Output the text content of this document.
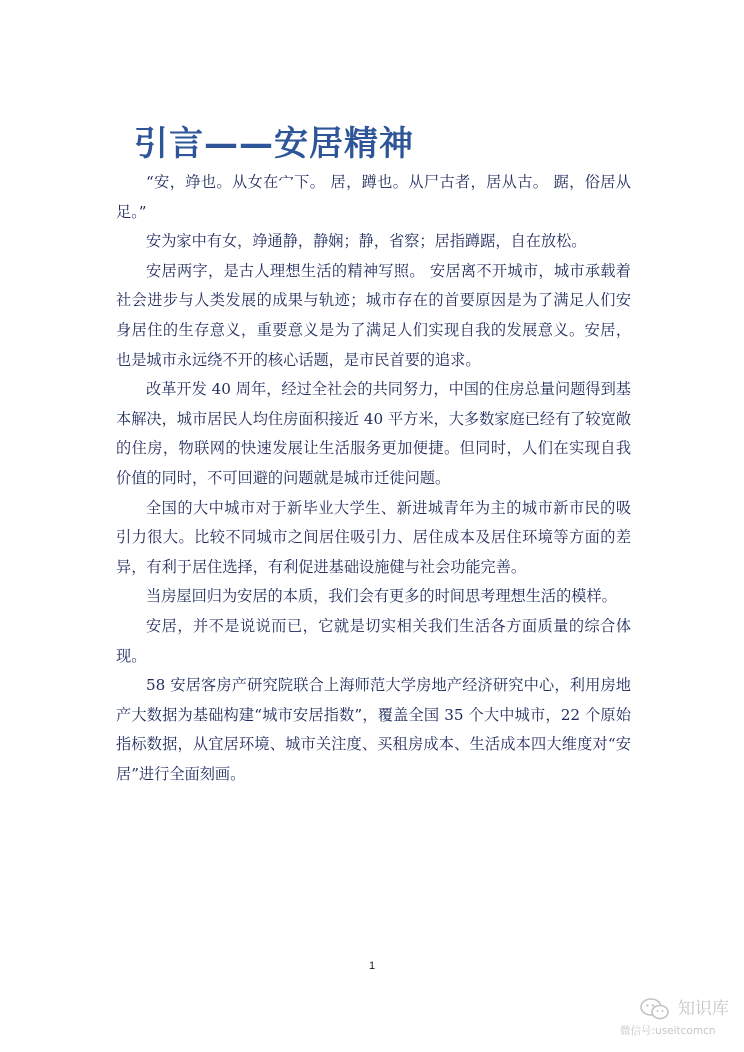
引言——安居精神

“安，竫也。从女在宀下。 居，蹲也。从尸古者，居从古。 踞，俗居从足。”

安为家中有女，竫通静，静娴；静，省察；居指蹲踞，自在放松。

安居两字，是古人理想生活的精神写照。 安居离不开城市，城市承载着社会进步与人类发展的成果与轨迹；城市存在的首要原因是为了满足人们安身居住的生存意义，重要意义是为了满足人们实现自我的发展意义。安居，也是城市永远绕不开的核心话题，是市民首要的追求。

改革开发 40 周年，经过全社会的共同努力，中国的住房总量问题得到基本解决，城市居民人均住房面积接近 40 平方米，大多数家庭已经有了较宽敞的住房，物联网的快速发展让生活服务更加便捷。但同时，人们在实现自我价值的同时，不可回避的问题就是城市迁徙问题。

全国的大中城市对于新毕业大学生、新进城青年为主的城市新市民的吸引力很大。比较不同城市之间居住吸引力、居住成本及居住环境等方面的差异，有利于居住选择，有利促进基础设施健与社会功能完善。

当房屋回归为安居的本质，我们会有更多的时间思考理想生活的模样。

安居，并不是说说而已，它就是切实相关我们生活各方面质量的综合体现。

58 安居客房产研究院联合上海师范大学房地产经济研究中心，利用房地产大数据为基础构建“城市安居指数”，覆盖全国 35 个大中城市，22 个原始指标数据，从宜居环境、城市关注度、买租房成本、生活成本四大维度对“安居”进行全面刻画。

1
知识库
微信号:useitcomcn
